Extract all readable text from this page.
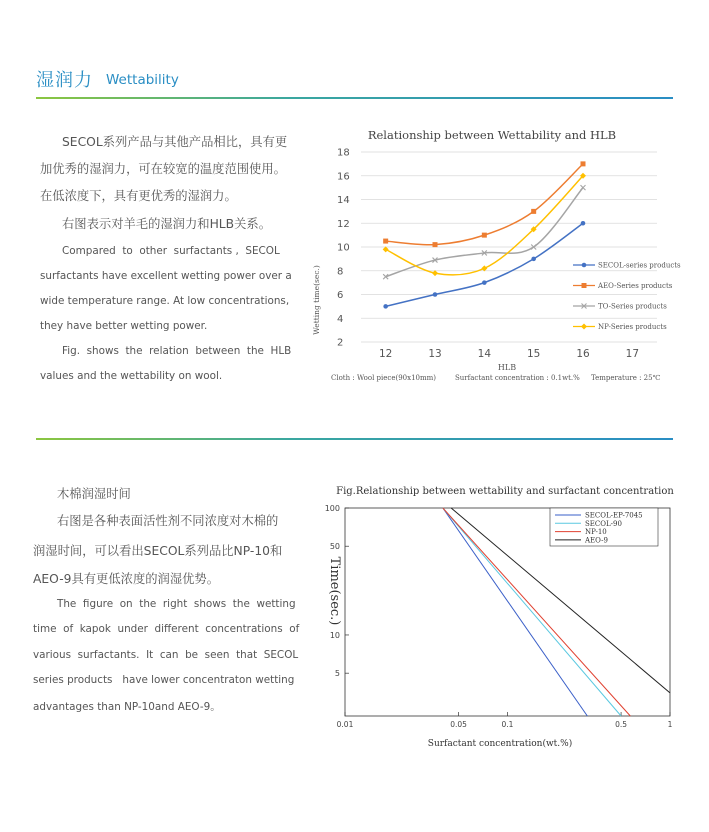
湿润力 Wettability
SECOL系列产品与其他产品相比，具有更
加优秀的湿润力，可在较宽的温度范围使用。
在低浓度下，具有更优秀的湿润力。
右图表示对羊毛的湿润力和HLB关系。
Compared  to  other  surfactants ,  SECOL
surfactants have excellent wetting power over a
wide temperature range. At low concentrations,
they have better wetting power.
Fig.  shows  the  relation  between  the  HLB
values and the wettability on wool.
Relationship between Wettability and HLB
2
4
6
8
10
12
14
16
18
12	13	14	15	16	17
SECOL-series products
AEO-Series products
TO-Series products
NP-Series products
Wetting time(sec.)
HLB
Cloth : Wool piece(90x10mm)	Surfactant concentration : 0.1wt.% Temperature : 25℃
木棉润湿时间
右图是各种表面活性剂不同浓度对木棉的
润湿时间，可以看出SECOL系列品比NP-10和
AEO-9具有更低浓度的润湿优势。
The  figure  on  the  right  shows  the  wetting
time  of  kapok  under  different  concentrations  of
various  surfactants.  It  can  be  seen  that  SECOL
series products   have lower concentraton wetting
advantages than NP-10and AEO-9。
Fig.Relationship between wettability and surfactant concentration
0.01	0.05	0.1	0.5	1
5
10
50
100
SECOL-EP-7045
SECOL-90
NP-10
AEO-9
Time(sec.)
Surfactant concentration(wt.%)
